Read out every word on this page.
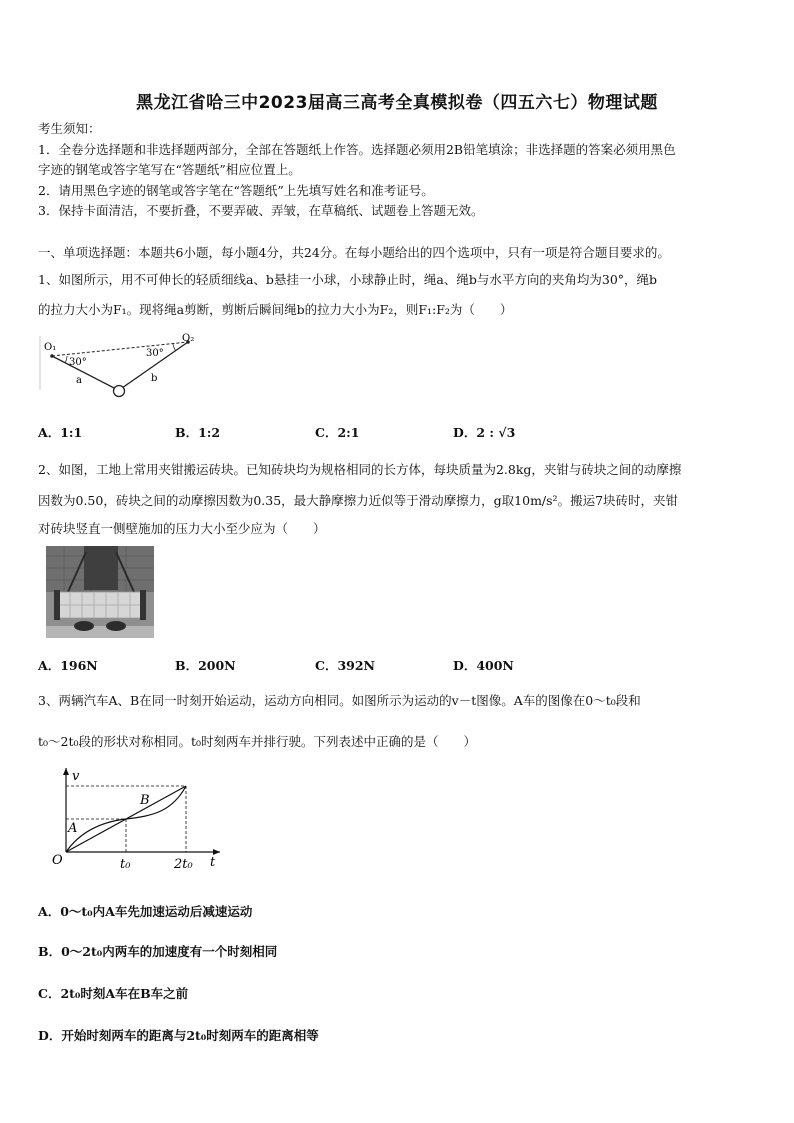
黑龙江省哈三中2023届高三高考全真模拟卷（四五六七）物理试题
考生须知：
1．全卷分选择题和非选择题两部分，全部在答题纸上作答。选择题必须用2B铅笔填涂；非选择题的答案必须用黑色
字迹的钢笔或答字笔写在“答题纸”相应位置上。
2．请用黑色字迹的钢笔或答字笔在“答题纸”上先填写姓名和准考证号。
3．保持卡面清洁，不要折叠，不要弄破、弄皱，在草稿纸、试题卷上答题无效。
一、单项选择题：本题共6小题，每小题4分，共24分。在每小题给出的四个选项中，只有一项是符合题目要求的。
1、如图所示，用不可伸长的轻质细线a、b悬挂一小球，小球静止时，绳a、绳b与水平方向的夹角均为30°，绳b
的拉力大小为F₁。现将绳a剪断，剪断后瞬间绳b的拉力大小为F₂，则F₁:F₂为（　　）
O₁
O₂
30°
30°
a	b
A．1:1	B．1:2	C．2:1	D．2 : √3
2、如图，工地上常用夹钳搬运砖块。已知砖块均为规格相同的长方体，每块质量为2.8kg，夹钳与砖块之间的动摩擦
因数为0.50，砖块之间的动摩擦因数为0.35，最大静摩擦力近似等于滑动摩擦力，g取10m/s²。搬运7块砖时，夹钳
对砖块竖直一侧壁施加的压力大小至少应为（　　）
A．196N	B．200N	C．392N	D．400N
3、两辆汽车A、B在同一时刻开始运动，运动方向相同。如图所示为运动的v－t图像。A车的图像在0～t₀段和
t₀～2t₀段的形状对称相同。t₀时刻两车并排行驶。下列表述中正确的是（　　）
v
t
O
A
B
t₀	2t₀
A．0～t₀内A车先加速运动后减速运动
B．0～2t₀内两车的加速度有一个时刻相同
C．2t₀时刻A车在B车之前
D．开始时刻两车的距离与2t₀时刻两车的距离相等
